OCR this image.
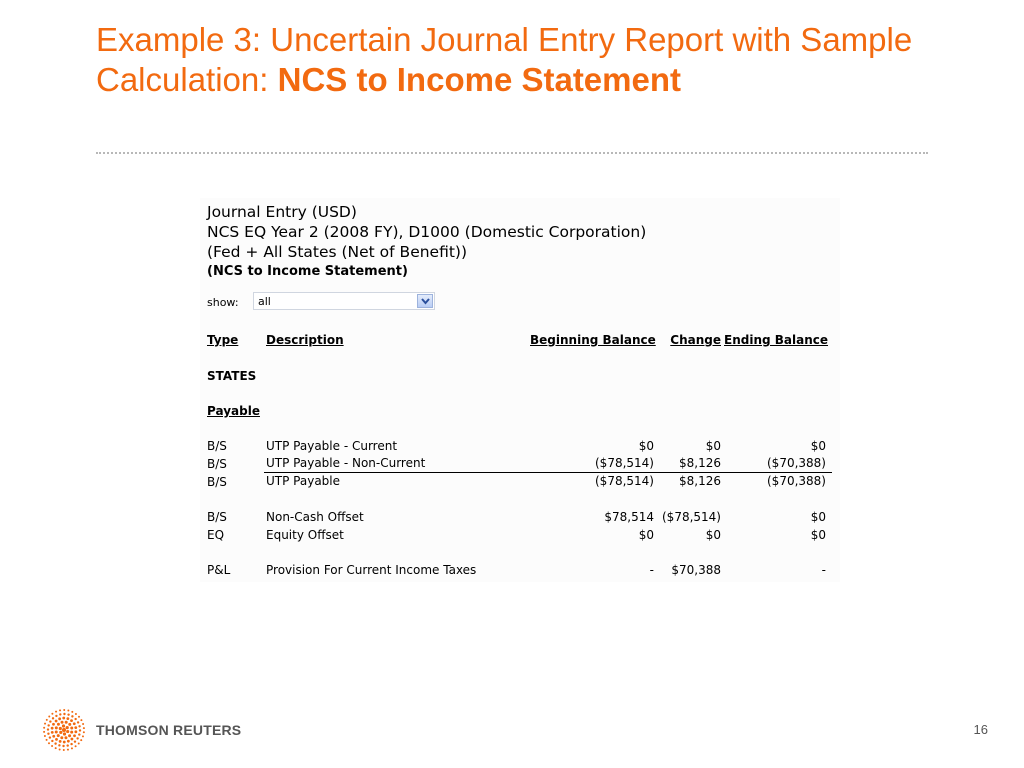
Example 3: Uncertain Journal Entry Report with Sample Calculation: NCS to Income Statement
Journal Entry (USD)
NCS EQ Year 2 (2008 FY), D1000 (Domestic Corporation)
(Fed + All States (Net of Benefit))
(NCS to Income Statement)
show: all
Type Description	Beginning Balance	Change Ending Balance
STATES
Payable
B/S	UTP Payable - Current	$0	$0	$0
B/S	UTP Payable - Non-Current	($78,514)	$8,126	($70,388)
B/S	UTP Payable	($78,514)	$8,126	($70,388)
B/S	Non-Cash Offset	$78,514 ($78,514)	$0
EQ	Equity Offset	$0	$0	$0
P&L	Provision For Current Income Taxes	-	$70,388	-
THOMSON REUTERS	16
